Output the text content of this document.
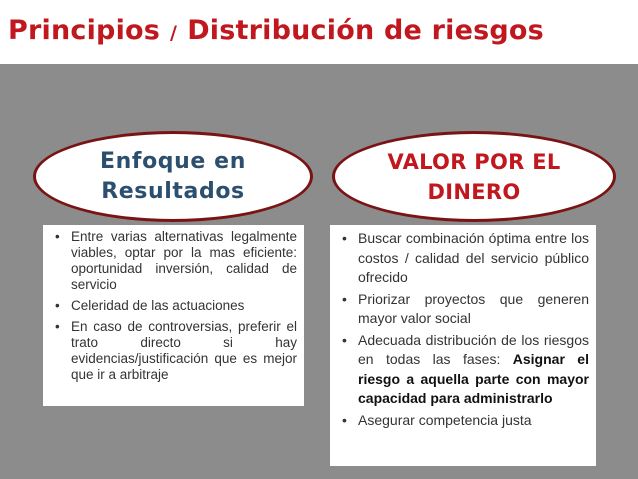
Principios / Distribución de riesgos
Enfoque en
Resultados
VALOR POR EL
DINERO
• Entre varias alternativas legalmente viables, optar por la mas eficiente: oportunidad inversión, calidad de servicio
• Celeridad de las actuaciones
• En caso de controversias, preferir el trato directo si hay evidencias/justificación que es mejor que ir a arbitraje
• Buscar combinación óptima entre los costos / calidad del servicio público ofrecido
• Priorizar proyectos que generen mayor valor social
• Adecuada distribución de los riesgos en todas las fases: Asignar el riesgo a aquella parte con mayor capacidad para administrarlo
• Asegurar competencia justa
